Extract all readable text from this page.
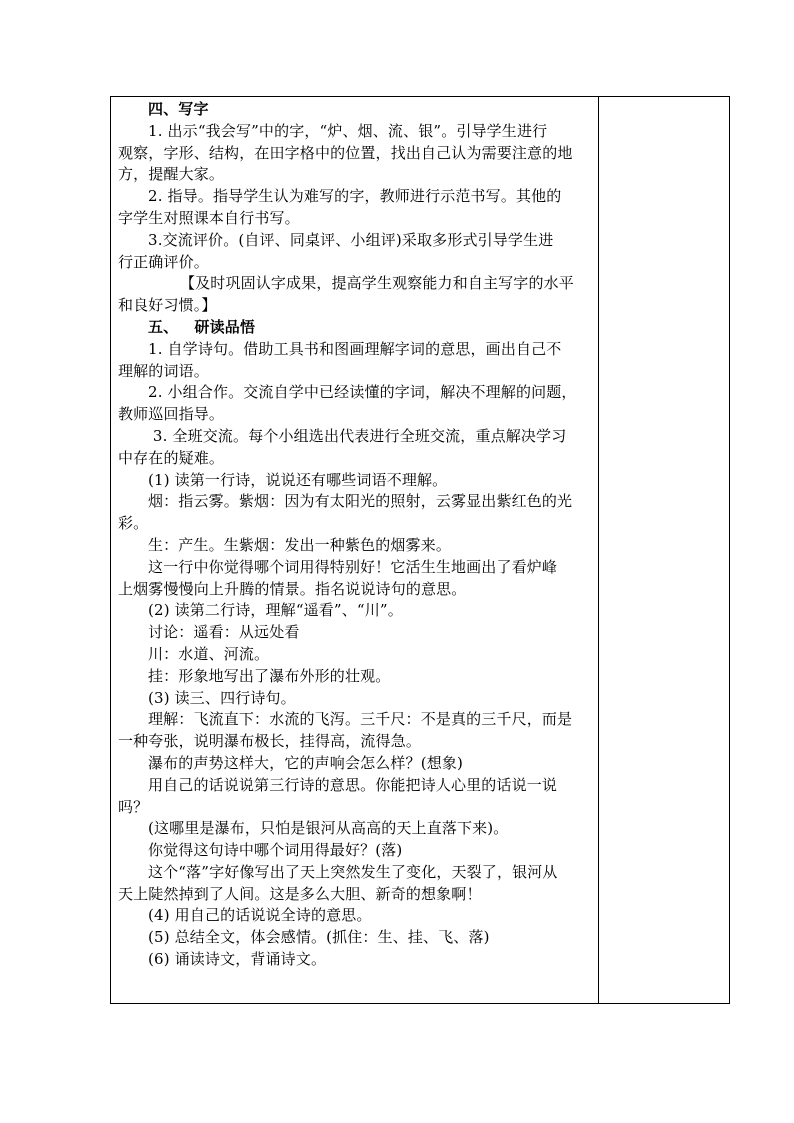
四、写字
1. 出示“我会写”中的字，“炉、烟、流、银”。引导学生进行
观察，字形、结构，在田字格中的位置，找出自己认为需要注意的地
方，提醒大家。
2. 指导。指导学生认为难写的字，教师进行示范书写。其他的
字学生对照课本自行书写。
3.交流评价。(自评、同桌评、小组评)采取多形式引导学生进
行正确评价。
【及时巩固认字成果，提高学生观察能力和自主写字的水平
和良好习惯。】
五、   研读品悟
1. 自学诗句。借助工具书和图画理解字词的意思，画出自己不
理解的词语。
2. 小组合作。交流自学中已经读懂的字词，解决不理解的问题，
教师巡回指导。
3. 全班交流。每个小组选出代表进行全班交流，重点解决学习
中存在的疑难。
(1) 读第一行诗，说说还有哪些词语不理解。
烟：指云雾。紫烟：因为有太阳光的照射，云雾显出紫红色的光
彩。
生：产生。生紫烟：发出一种紫色的烟雾来。
这一行中你觉得哪个词用得特别好！它活生生地画出了看炉峰
上烟雾慢慢向上升腾的情景。指名说说诗句的意思。
(2) 读第二行诗，理解“遥看”、“川”。
讨论：遥看：从远处看
川：水道、河流。
挂：形象地写出了瀑布外形的壮观。
(3) 读三、四行诗句。
理解：飞流直下：水流的飞泻。三千尺：不是真的三千尺，而是
一种夸张，说明瀑布极长，挂得高，流得急。
瀑布的声势这样大，它的声响会怎么样？(想象)
用自己的话说说第三行诗的意思。你能把诗人心里的话说一说
吗？
(这哪里是瀑布，只怕是银河从高高的天上直落下来)。
你觉得这句诗中哪个词用得最好？(落)
这个“落”字好像写出了天上突然发生了变化，天裂了，银河从
天上陡然掉到了人间。这是多么大胆、新奇的想象啊！
(4) 用自己的话说说全诗的意思。
(5) 总结全文，体会感情。(抓住：生、挂、飞、落)
(6) 诵读诗文，背诵诗文。
